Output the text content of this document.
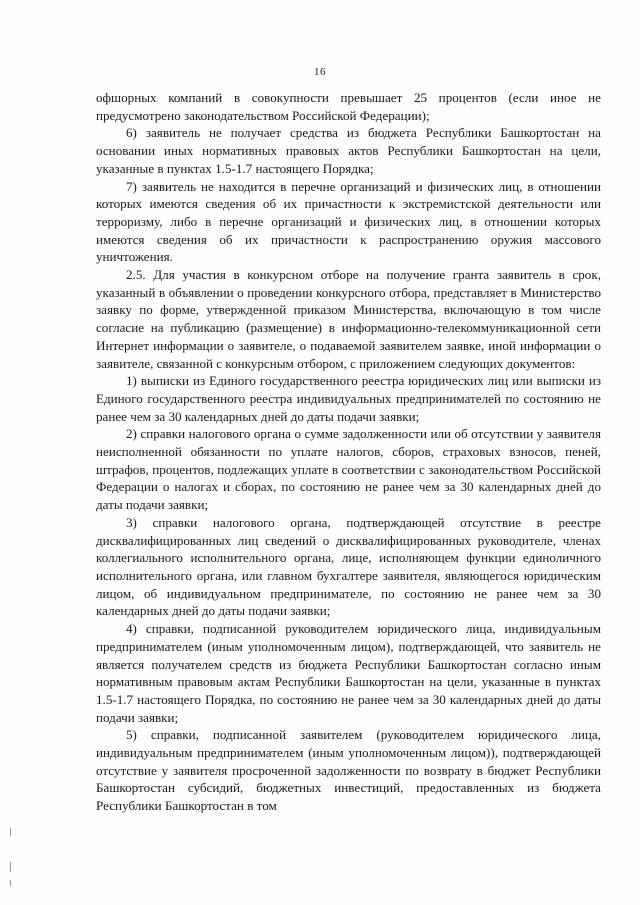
16

офшорных компаний в совокупности превышает 25 процентов (если иное не предусмотрено законодательством Российской Федерации);

6) заявитель не получает средства из бюджета Республики Башкортостан на основании иных нормативных правовых актов Республики Башкортостан на цели, указанные в пунктах 1.5-1.7 настоящего Порядка;

7) заявитель не находится в перечне организаций и физических лиц, в отношении которых имеются сведения об их причастности к экстремистской деятельности или терроризму, либо в перечне организаций и физических лиц, в отношении которых имеются сведения об их причастности к распространению оружия массового уничтожения.

2.5. Для участия в конкурсном отборе на получение гранта заявитель в срок, указанный в объявлении о проведении конкурсного отбора, представляет в Министерство заявку по форме, утвержденной приказом Министерства, включающую в том числе согласие на публикацию (размещение) в информационно-телекоммуникационной сети Интернет информации о заявителе, о подаваемой заявителем заявке, иной информации о заявителе, связанной с конкурсным отбором, с приложением следующих документов:

1) выписки из Единого государственного реестра юридических лиц или выписки из Единого государственного реестра индивидуальных предпринимателей по состоянию не ранее чем за 30 календарных дней до даты подачи заявки;

2) справки налогового органа о сумме задолженности или об отсутствии у заявителя неисполненной обязанности по уплате налогов, сборов, страховых взносов, пеней, штрафов, процентов, подлежащих уплате в соответствии с законодательством Российской Федерации о налогах и сборах, по состоянию не ранее чем за 30 календарных дней до даты подачи заявки;

3) справки налогового органа, подтверждающей отсутствие в реестре дисквалифицированных лиц сведений о дисквалифицированных руководителе, членах коллегиального исполнительного органа, лице, исполняющем функции единоличного исполнительного органа, или главном бухгалтере заявителя, являющегося юридическим лицом, об индивидуальном предпринимателе, по состоянию не ранее чем за 30 календарных дней до даты подачи заявки;

4) справки, подписанной руководителем юридического лица, индивидуальным предпринимателем (иным уполномоченным лицом), подтверждающей, что заявитель не является получателем средств из бюджета Республики Башкортостан согласно иным нормативным правовым актам Республики Башкортостан на цели, указанные в пунктах 1.5-1.7 настоящего Порядка, по состоянию не ранее чем за 30 календарных дней до даты подачи заявки;

5) справки, подписанной заявителем (руководителем юридического лица, индивидуальным предпринимателем (иным уполномоченным лицом)), подтверждающей отсутствие у заявителя просроченной задолженности по возврату в бюджет Республики Башкортостан субсидий, бюджетных инвестиций, предоставленных из бюджета Республики Башкортостан в том
